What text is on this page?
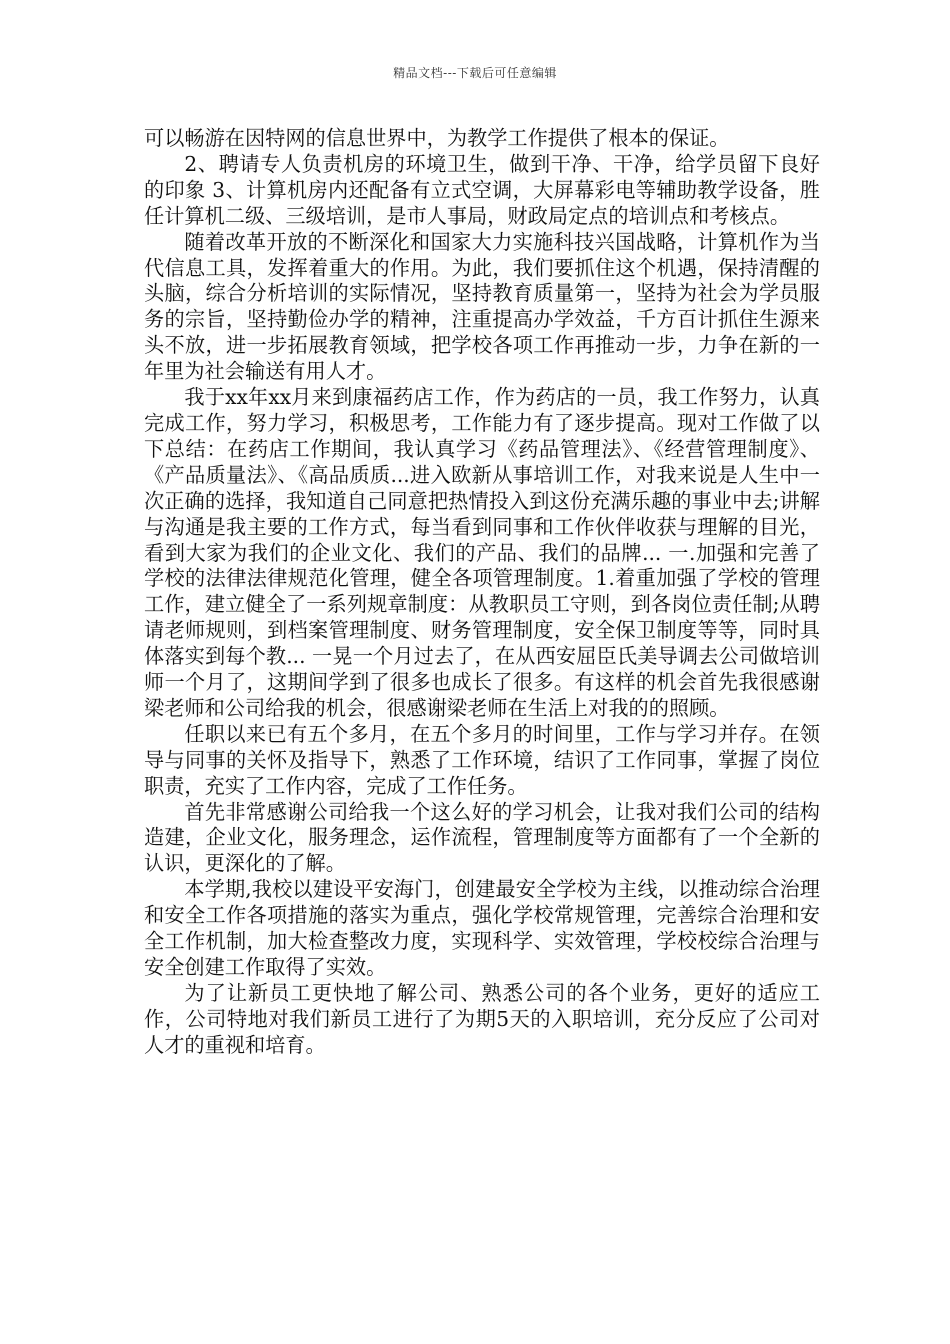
精品文档---下载后可任意编辑

可以畅游在因特网的信息世界中，为教学工作提供了根本的保证。

2、聘请专人负责机房的环境卫生，做到干净、干净，给学员留下良好的印象 3、计算机房内还配备有立式空调，大屏幕彩电等辅助教学设备，胜任计算机二级、三级培训，是市人事局，财政局定点的培训点和考核点。

随着改革开放的不断深化和国家大力实施科技兴国战略，计算机作为当代信息工具，发挥着重大的作用。为此，我们要抓住这个机遇，保持清醒的头脑，综合分析培训的实际情况，坚持教育质量第一，坚持为社会为学员服务的宗旨，坚持勤俭办学的精神，注重提高办学效益，千方百计抓住生源来头不放，进一步拓展教育领域，把学校各项工作再推动一步，力争在新的一年里为社会输送有用人才。

我于xx年xx月来到康福药店工作，作为药店的一员，我工作努力，认真完成工作，努力学习，积极思考，工作能力有了逐步提高。现对工作做了以下总结：在药店工作期间，我认真学习《药品管理法》、《经营管理制度》、《产品质量法》、《高品质质...进入欧新从事培训工作，对我来说是人生中一次正确的选择，我知道自己同意把热情投入到这份充满乐趣的事业中去;讲解与沟通是我主要的工作方式，每当看到同事和工作伙伴收获与理解的目光，看到大家为我们的企业文化、我们的产品、我们的品牌... 一.加强和完善了学校的法律法律规范化管理，健全各项管理制度。1.着重加强了学校的管理工作，建立健全了一系列规章制度：从教职员工守则，到各岗位责任制;从聘请老师规则，到档案管理制度、财务管理制度，安全保卫制度等等，同时具体落实到每个教... 一晃一个月过去了，在从西安屈臣氏美导调去公司做培训师一个月了，这期间学到了很多也成长了很多。有这样的机会首先我很感谢梁老师和公司给我的机会，很感谢梁老师在生活上对我的的照顾。

任职以来已有五个多月，在五个多月的时间里，工作与学习并存。在领导与同事的关怀及指导下，熟悉了工作环境，结识了工作同事，掌握了岗位职责，充实了工作内容，完成了工作任务。

首先非常感谢公司给我一个这么好的学习机会，让我对我们公司的结构造建，企业文化，服务理念，运作流程，管理制度等方面都有了一个全新的认识，更深化的了解。

本学期,我校以建设平安海门，创建最安全学校为主线，以推动综合治理和安全工作各项措施的落实为重点，强化学校常规管理，完善综合治理和安全工作机制，加大检查整改力度，实现科学、实效管理，学校校综合治理与安全创建工作取得了实效。

为了让新员工更快地了解公司、熟悉公司的各个业务，更好的适应工作，公司特地对我们新员工进行了为期5天的入职培训，充分反应了公司对人才的重视和培育。
